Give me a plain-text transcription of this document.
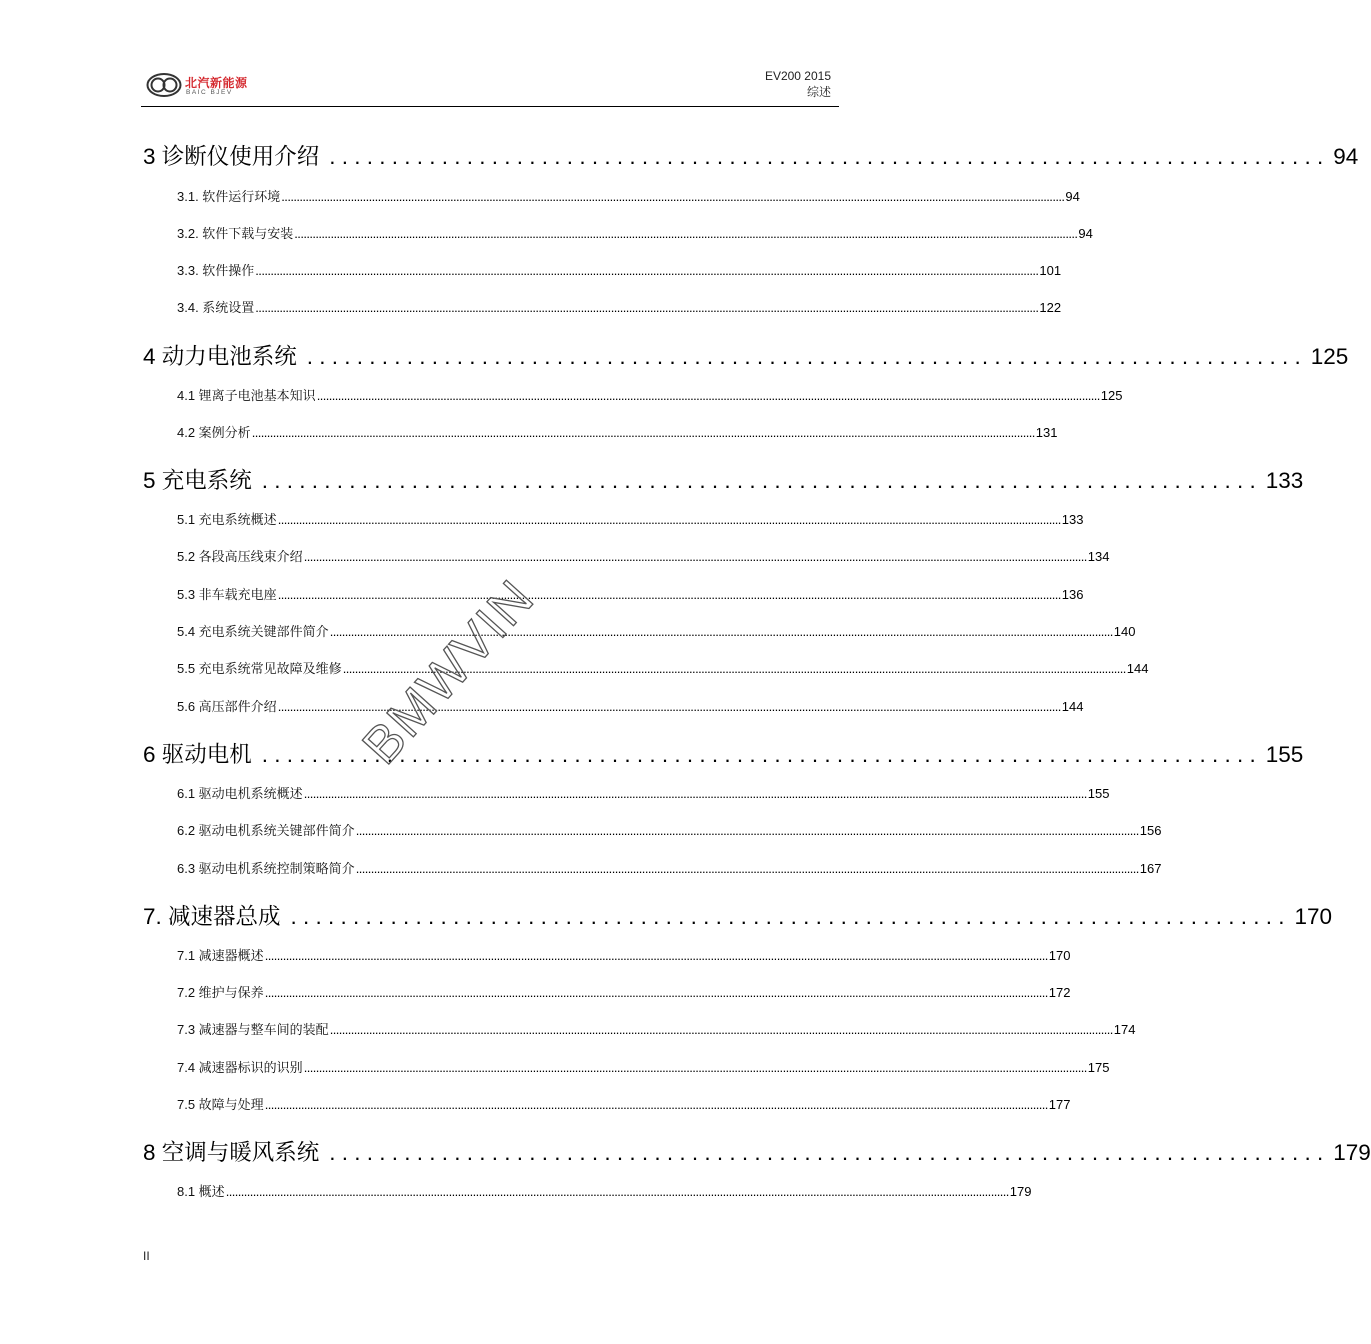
北汽新能源
BAIC BJEV
EV200 2015
综述
3 诊断仪使用介绍 . . . . . . . . . . . . . . . . . . . . . . . . . . . . . . . . . . . . . . . . . . . . . . . . . . . . . . . . . . . . . . . . . . . . . . . . . . . . . . . . 94
3.1. 软件运行环境 .................................................................................................................................................................................................................................................................... 94
3.2. 软件下载与安装 .................................................................................................................................................................................................................................................................... 94
3.3. 软件操作 .................................................................................................................................................................................................................................................................... 101
3.4. 系统设置 .................................................................................................................................................................................................................................................................... 122
4 动力电池系统 . . . . . . . . . . . . . . . . . . . . . . . . . . . . . . . . . . . . . . . . . . . . . . . . . . . . . . . . . . . . . . . . . . . . . . . . . . . . . . . . 125
4.1 锂离子电池基本知识 .................................................................................................................................................................................................................................................................... 125
4.2 案例分析 .................................................................................................................................................................................................................................................................... 131
5 充电系统 . . . . . . . . . . . . . . . . . . . . . . . . . . . . . . . . . . . . . . . . . . . . . . . . . . . . . . . . . . . . . . . . . . . . . . . . . . . . . . . . 133
5.1 充电系统概述 .................................................................................................................................................................................................................................................................... 133
5.2 各段高压线束介绍 .................................................................................................................................................................................................................................................................... 134
5.3 非车载充电座 .................................................................................................................................................................................................................................................................... 136
5.4 充电系统关键部件简介 .................................................................................................................................................................................................................................................................... 140
5.5 充电系统常见故障及维修 .................................................................................................................................................................................................................................................................... 144
5.6 高压部件介绍 .................................................................................................................................................................................................................................................................... 144
6 驱动电机 . . . . . . . . . . . . . . . . . . . . . . . . . . . . . . . . . . . . . . . . . . . . . . . . . . . . . . . . . . . . . . . . . . . . . . . . . . . . . . . . 155
6.1 驱动电机系统概述 .................................................................................................................................................................................................................................................................... 155
6.2 驱动电机系统关键部件简介 .................................................................................................................................................................................................................................................................... 156
6.3 驱动电机系统控制策略简介 .................................................................................................................................................................................................................................................................... 167
7. 减速器总成 . . . . . . . . . . . . . . . . . . . . . . . . . . . . . . . . . . . . . . . . . . . . . . . . . . . . . . . . . . . . . . . . . . . . . . . . . . . . . . . . 170
7.1 减速器概述 .................................................................................................................................................................................................................................................................... 170
7.2 维护与保养 .................................................................................................................................................................................................................................................................... 172
7.3 减速器与整车间的装配 .................................................................................................................................................................................................................................................................... 174
7.4 减速器标识的识别 .................................................................................................................................................................................................................................................................... 175
7.5 故障与处理 .................................................................................................................................................................................................................................................................... 177
8 空调与暖风系统 . . . . . . . . . . . . . . . . . . . . . . . . . . . . . . . . . . . . . . . . . . . . . . . . . . . . . . . . . . . . . . . . . . . . . . . . . . . . . . . . 179
8.1 概述 .................................................................................................................................................................................................................................................................... 179
BMWVIN
II
